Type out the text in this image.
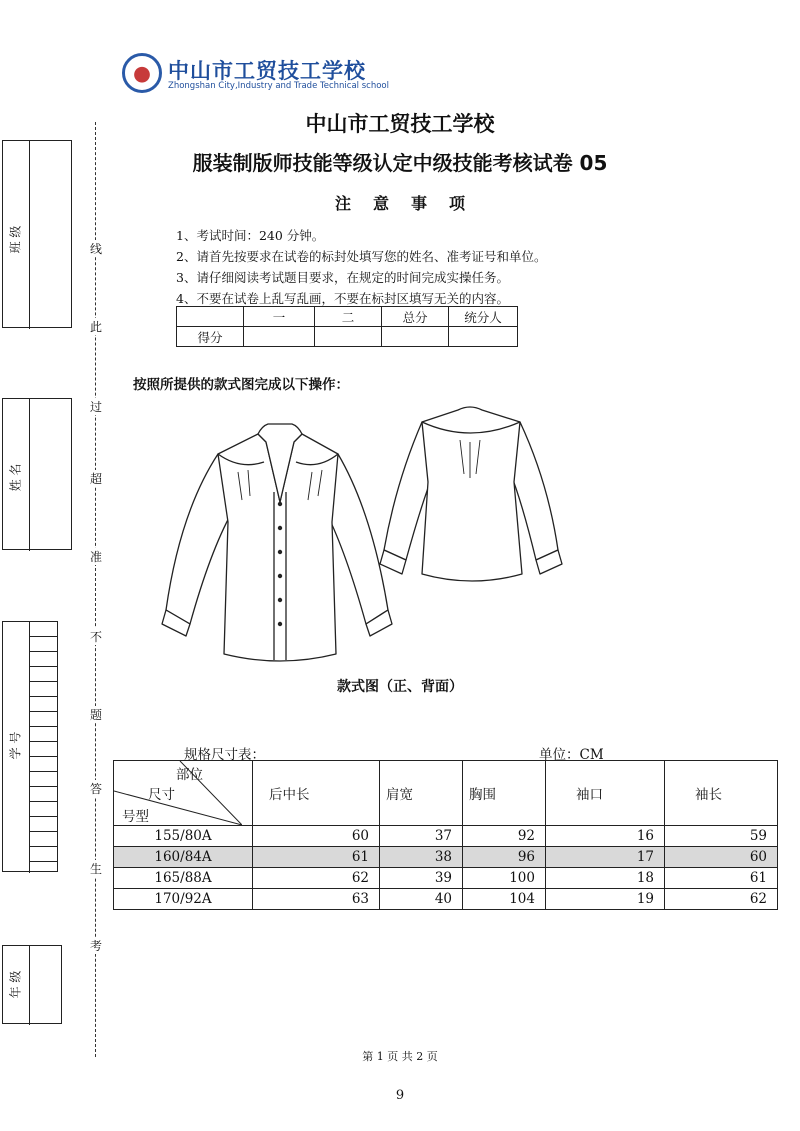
班 级
姓 名
学 号
年 级
线
此
过
超
准
不
题
答
生
考
中山市工贸技工学校
Zhongshan City,Industry and Trade Technical school
中山市工贸技工学校
服装制版师技能等级认定中级技能考核试卷 05
注意事项
1、考试时间：240 分钟。
2、请首先按要求在试卷的标封处填写您的姓名、准考证号和单位。
3、请仔细阅读考试题目要求，在规定的时间完成实操任务。
4、不要在试卷上乱写乱画，不要在标封区填写无关的内容。
	一	二	总分	统分人
得分				
按照所提供的款式图完成以下操作：
款式图（正、背面）
规格尺寸表：	单位：CM
部位
尺寸
号型	后中长	肩宽	胸围	袖口	袖长
155/80A	60	37	92	16	59
160/84A	61	38	96	17	60
165/88A	62	39	100	18	61
170/92A	63	40	104	19	62
第 1 页 共 2 页
9
